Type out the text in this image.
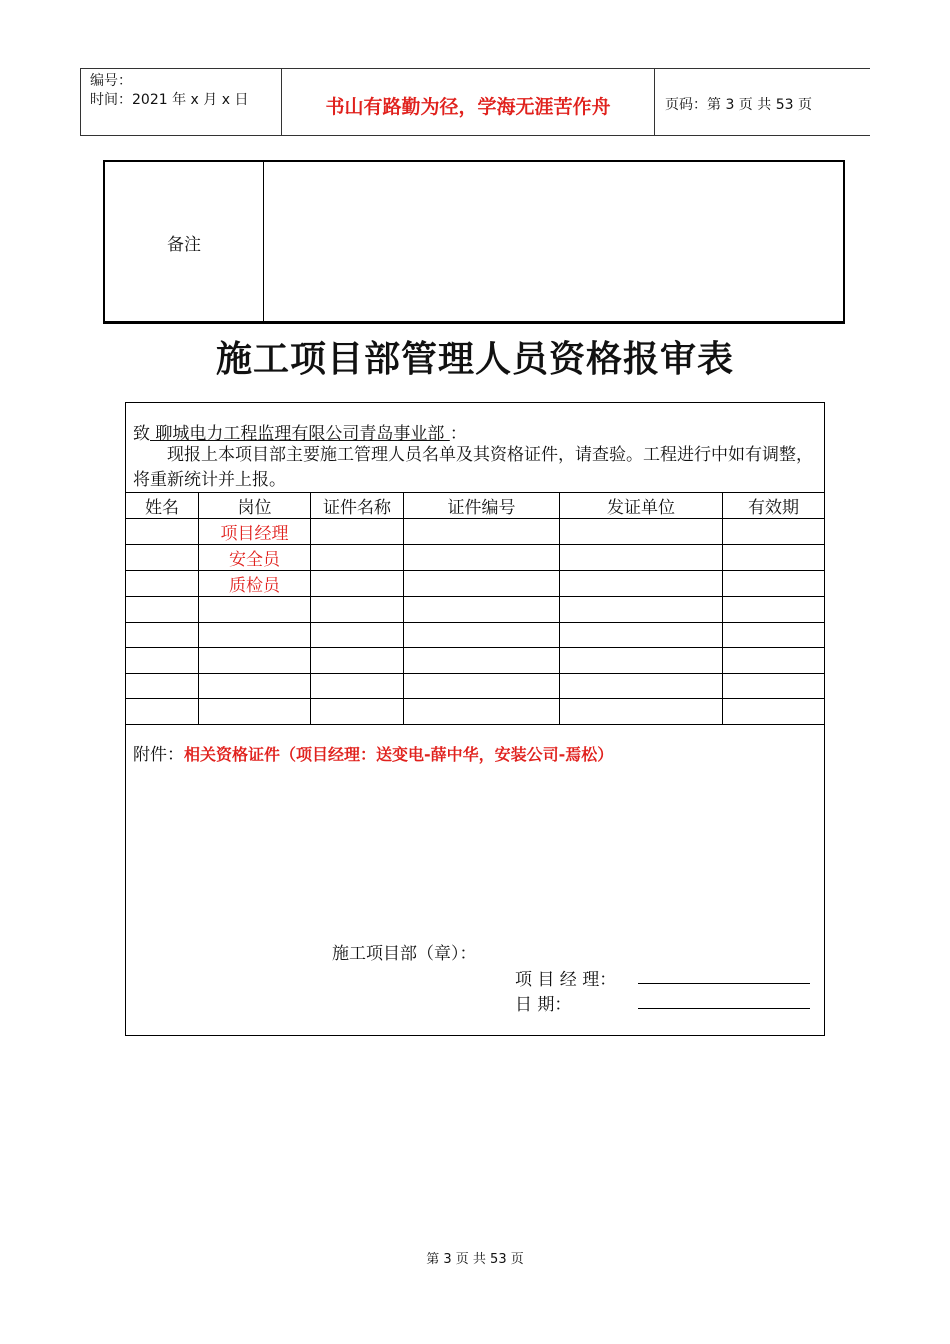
编号：
时间：2021 年 x 月 x 日	书山有路勤为径，学海无涯苦作舟	页码：第 3 页 共 53 页
备注
施工项目部管理人员资格报审表
致 聊城电力工程监理有限公司青岛事业部 ：
现报上本项目部主要施工管理人员名单及其资格证件，请查验。工程进行中如有调整，将重新统计并上报。
姓名	岗位	证件名称	证件编号	发证单位	有效期
	项目经理				
	安全员				
	质检员				

附件：相关资格证件（项目经理：送变电-薛中华，安装公司-焉松）
施工项目部（章）：
项 目 经 理：
日 期：
第 3 页 共 53 页
